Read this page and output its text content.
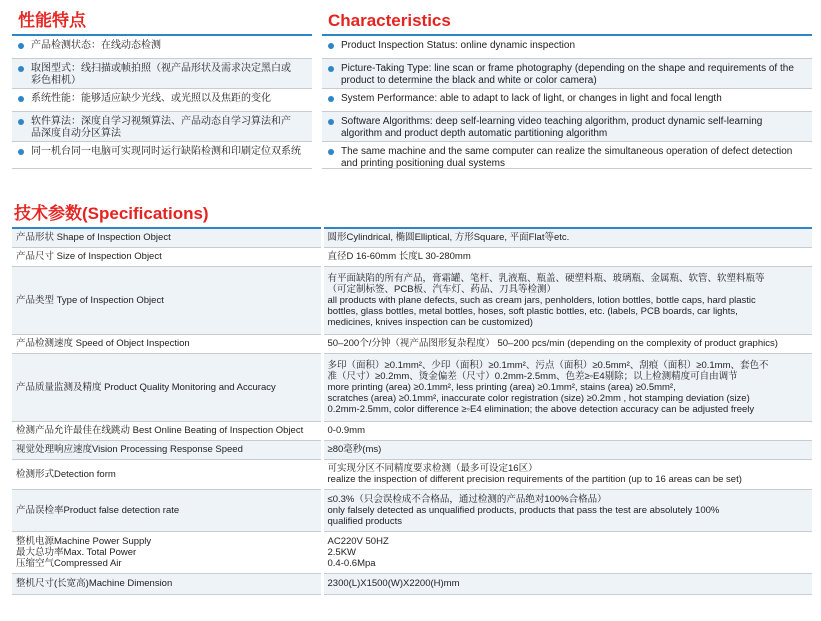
性能特点
产品检测状态：在线动态检测
取图型式：线扫描或帧拍照（视产品形状及需求决定黑白或
彩色相机）
系统性能：能够适应缺少光线、或光照以及焦距的变化
软件算法：深度自学习视频算法、产品动态自学习算法和产
品深度自动分区算法
同一机台同一电脑可实现同时运行缺陷检测和印刷定位双系统
Characteristics
Product Inspection Status: online dynamic inspection
Picture-Taking Type: line scan or frame photography (depending on the shape and requirements of the
product to determine the black and white or color camera)
System Performance: able to adapt to lack of light, or changes in light and focal length
Software Algorithms: deep self-learning video teaching algorithm, product dynamic self-learning
algorithm and product depth automatic partitioning algorithm
The same machine and the same computer can realize the simultaneous operation of defect detection
and printing positioning dual systems
技术参数(Specifications)	

产品形状 Shape of Inspection Object	圆形Cylindrical, 椭圆Elliptical, 方形Square, 平面Flat等etc.

产品尺寸 Size of Inspection Object	直径D 16-60mm 长度L 30-280mm

产品类型 Type of Inspection Object	有平面缺陷的所有产品，膏霜罐、笔杆、乳液瓶、瓶盖、硬塑料瓶、玻璃瓶、金属瓶、软管、软塑料瓶等
（可定制标签、PCB板、汽车灯、药品、刀具等检测）
all products with plane defects, such as cream jars, penholders, lotion bottles, bottle caps, hard plastic
bottles, glass bottles, metal bottles, hoses, soft plastic bottles, etc. (labels, PCB boards, car lights,
medicines, knives inspection can be customized)

产品检测速度 Speed of Object Inspection	50–200个/分钟（视产品图形复杂程度） 50–200 pcs/min (depending on the complexity of product graphics)

产品质量监测及精度 Product Quality Monitoring and Accuracy	多印（面积）≥0.1mm²、少印（面积）≥0.1mm²、污点（面积）≥0.5mm²、刮痕（面积）≥0.1mm、套色不
准（尺寸）≥0.2mm、烫金偏差（尺寸）0.2mm-2.5mm、色差≥◦E4剔除；以上检测精度可自由调节
more printing (area) ≥0.1mm², less printing (area) ≥0.1mm², stains (area) ≥0.5mm²,
scratches (area) ≥0.1mm², inaccurate color registration (size) ≥0.2mm , hot stamping deviation (size)
0.2mm-2.5mm, color difference ≥◦E4 elimination; the above detection accuracy can be adjusted freely

检测产品允许最佳在线跳动 Best Online Beating of Inspection Object	0-0.9mm

视觉处理响应速度Vision Processing Response Speed	≥80毫秒(ms)

检测形式Detection form	可实现分区不同精度要求检测（最多可设定16区）
realize the inspection of different precision requirements of the partition (up to 16 areas can be set)

产品误检率Product false detection rate	≤0.3%（只会误检成不合格品，通过检测的产品绝对100%合格品）
only falsely detected as unqualified products, products that pass the test are absolutely 100%
qualified products

整机电源Machine Power Supply
最大总功率Max. Total Power
压缩空气Compressed Air	AC220V 50HZ
2.5KW
0.4-0.6Mpa

整机尺寸(长宽高)Machine Dimension	2300(L)X1500(W)X2200(H)mm
